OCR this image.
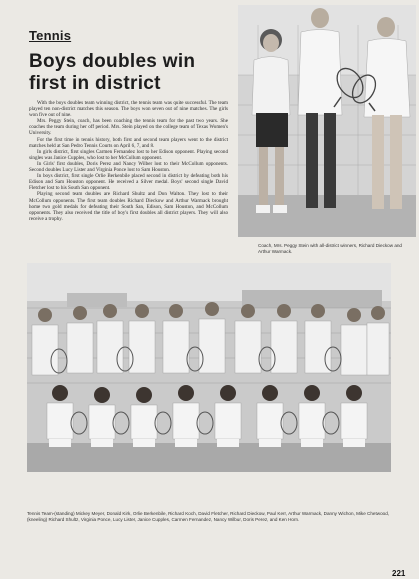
Tennis
Boys doubles win
first in district

With the boys doubles team winning district, the tennis team was quite successful. The team played ten non-district matches this season. The boys won seven out of nine matches. The girls won five out of nine.

Mrs. Peggy Stein, coach, has been coaching the tennis team for the past two years. She coaches the team during her off period. Mrs. Stein played on the college team of Texas Women's University.

For the first time in tennis history, both first and second team players went to the district matches held at San Pedro Tennis Courts on April 6, 7, and 8.

In girls district, first singles Carmen Fernandez lost to her Edison opponent. Playing second singles was Janice Cupples, who lost to her McCollum opponent.

In Girls' first doubles, Doris Perez and Nancy Wilber lost to their McCollum opponents. Second doubles Lucy Lister and Virginia Ponce lost to Sam Houston.

In boys district, first single Orlie Berkenbile placed second in district by defeating both his Edison and Sam Houston opponent. He received a Silver medal. Boys' second single David Fletcher lost to his South San opponent.

Playing second team doubles are Richard Shultz and Don Walton. They lost to their McCollum opponents. The first team doubles Richard Dieckow and Arthur Warmack brought home two gold medals for defeating their South San, Edison, Sam Houston, and McCollum opponents. They also received the title of boy's first doubles all district players. They will also receive a trophy.

Coach, Mrs. Peggy Stein with all-district winners, Richard Dieckow and Arthur Warmack.
Tennis Team-(standing) Mickey Meyer, Donald Kirk, Orlie Berkenbile, Richard Koch, David Fletcher, Richard Dieckow, Paul Kerr, Arthur Warmack, Danny Wichon, Mike Chetwood,
(kneeling) Richard Shultz, Virginia Ponce, Lucy Lister, Janice Cupples, Carmen Fernandez, Nancy Wilbur, Doris Perez, and Ken Horn.
221
